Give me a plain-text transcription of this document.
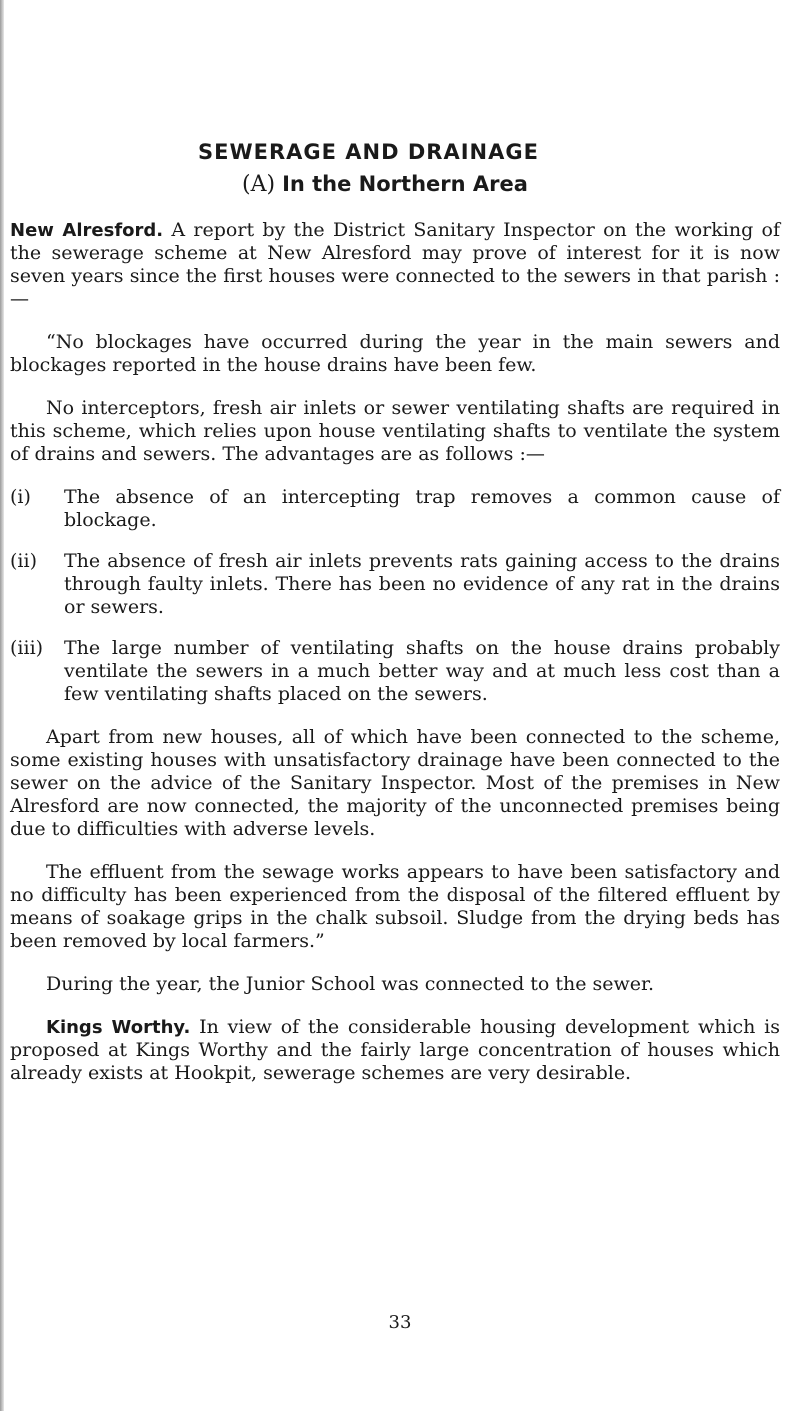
SEWERAGE AND DRAINAGE
(A) In the Northern Area

New Alresford. A report by the District Sanitary Inspector on the working of the sewerage scheme at New Alresford may prove of interest for it is now seven years since the first houses were connected to the sewers in that parish :—

“No blockages have occurred during the year in the main sewers and blockages reported in the house drains have been few.

No interceptors, fresh air inlets or sewer ventilating shafts are required in this scheme, which relies upon house ventilating shafts to ventilate the system of drains and sewers. The advantages are as follows :—

(i)	The absence of an intercepting trap removes a common cause of blockage.
(ii)	The absence of fresh air inlets prevents rats gaining access to the drains through faulty inlets. There has been no evidence of any rat in the drains or sewers.
(iii)	The large number of ventilating shafts on the house drains probably ventilate the sewers in a much better way and at much less cost than a few ventilating shafts placed on the sewers.

Apart from new houses, all of which have been connected to the scheme, some existing houses with unsatisfactory drainage have been connected to the sewer on the advice of the Sanitary Inspector. Most of the premises in New Alresford are now connected, the majority of the unconnected premises being due to difficulties with adverse levels.

The effluent from the sewage works appears to have been satisfactory and no difficulty has been experienced from the disposal of the filtered effluent by means of soakage grips in the chalk subsoil. Sludge from the drying beds has been removed by local farmers.”

During the year, the Junior School was connected to the sewer.

Kings Worthy. In view of the considerable housing development which is proposed at Kings Worthy and the fairly large concentration of houses which already exists at Hookpit, sewerage schemes are very desirable.

33
